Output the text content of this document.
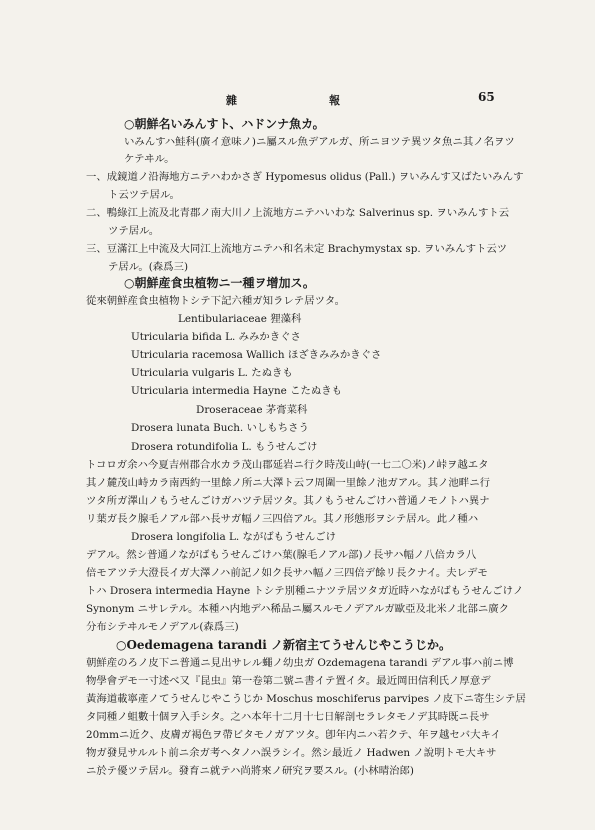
雜	報	65
○朝鮮名いみんすト、ハドンナ魚カ。
いみんすハ鮭科(廣イ意味ノ)ニ屬スル魚デアルガ、所ニヨツテ異ツタ魚ニ其ノ名ヲツ
ケテヰル。
一、成鏡道ノ沿海地方ニテハわかさぎ Hypomesus olidus (Pall.) ヲいみんす又ばたいみんす
ト云ツテ居ル。
二、鴨綠江上流及北青郡ノ南大川ノ上流地方ニテハいわな Salverinus sp. ヲいみんすト云
ツテ居ル。
三、豆滿江上中流及大同江上流地方ニテハ和名未定 Brachymystax sp. ヲいみんすト云ツ
テ居ル。(森爲三)
○朝鮮産食虫植物ニ一種ヲ增加ス。
從來朝鮮産食虫植物トシテ下記六種ガ知ラレテ居ツタ。
Lentibulariaceae 狸藻科
Utricularia bifida L. みみかきぐさ
Utricularia racemosa Wallich ほざきみみかきぐさ
Utricularia vulgaris L. たぬきも
Utricularia intermedia Hayne こたぬきも
Droseraceae 茅膏菜科
Drosera lunata Buch. いしもちさう
Drosera rotundifolia L. もうせんごけ
トコロガ余ハ今夏吉州郡合水カラ茂山郡延岩ニ行ク時茂山峙(一七二〇米)ノ峠ヲ越エタ
其ノ麓茂山峙カラ南西約一里餘ノ所ニ大澤ト云フ周圍一里餘ノ池ガアル。其ノ池畔ニ行
ツタ所ガ澤山ノもうせんごけガハツテ居ツタ。其ノもうせんごけハ普通ノモノトハ異ナ
リ葉ガ長ク腺毛ノアル部ハ長サガ幅ノ三四倍アル。其ノ形態形ヲシテ居ル。此ノ種ハ
Drosera longifolia L. ながばもうせんごけ
デアル。然シ普通ノながばもうせんごけハ葉(腺毛ノアル部)ノ長サハ幅ノ八倍カラ八
倍モアツテ大澄長イガ大澤ノハ前記ノ如ク長サハ幅ノ三四倍デ餘リ長クナイ。夫レデモ
トハ Drosera intermedia Hayne トシテ別種ニナツテ居ツタガ近時ハながばもうせんごけノ
Synonym ニサレテル。本種ハ内地デハ稀品ニ屬スルモノデアルガ歐亞及北米ノ北部ニ廣ク
分布シテヰルモノデアル(森爲三)
○Oedemagena tarandi ノ新宿主てうせんじやこうじか。
朝鮮産のろノ皮下ニ普通ニ見出サレル蠅ノ幼虫ガ Ozdemagena tarandi デアル事ハ前ニ博
物學會デモ一寸述べ又『昆虫』第一卷第二號ニ書イテ置イタ。最近岡田信利氏ノ厚意デ
黃海道載寧產ノてうせんじやこうじか Moschus moschiferus parvipes ノ皮下ニ寄生シテ居
タ同種ノ蛆數十個ヲ入手シタ。之ハ本年十二月十七日解剖セラレタモノデ其時既ニ長サ
20mmニ近ク、皮膚ガ褐色ヲ帶ビタモノガアツタ。卽年内ニハ若クテ、年ヲ越セバ大キイ
物ガ發見サルルト前ニ余ガ考ヘタノハ誤ラシイ。然シ最近ノ Hadwen ノ說明トモ大キサ
ニ於テ優ツテ居ル。發育ニ就テハ尚將來ノ研究ヲ要スル。(小林晴治郎)
